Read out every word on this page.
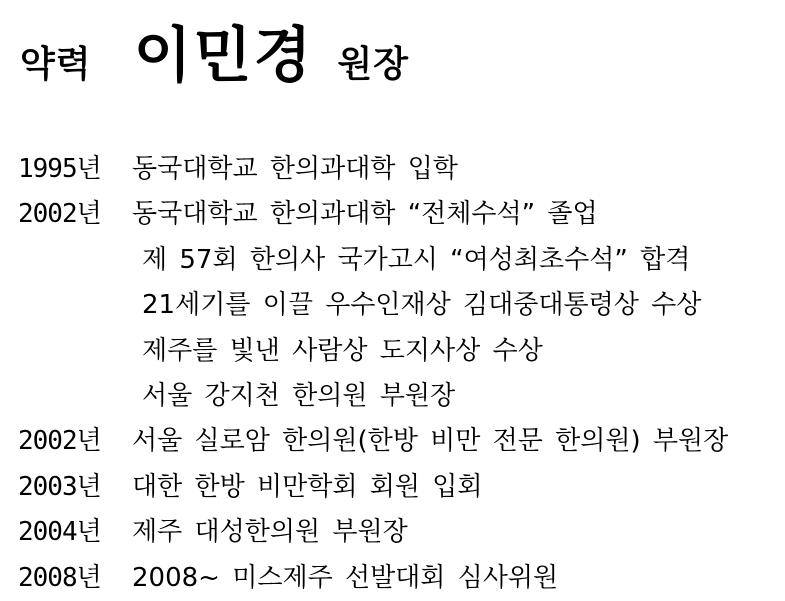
약력 이민경 원장
1995년	동국대학교 한의과대학 입학
2002년	동국대학교 한의과대학 “전체수석” 졸업
제 57회 한의사 국가고시 “여성최초수석” 합격
21세기를 이끌 우수인재상 김대중대통령상 수상
제주를 빛낸 사람상 도지사상 수상
서울 강지천 한의원 부원장
2002년	서울 실로암 한의원(한방 비만 전문 한의원) 부원장
2003년	대한 한방 비만학회 회원 입회
2004년	제주 대성한의원 부원장
2008년	2008~ 미스제주 선발대회 심사위원
